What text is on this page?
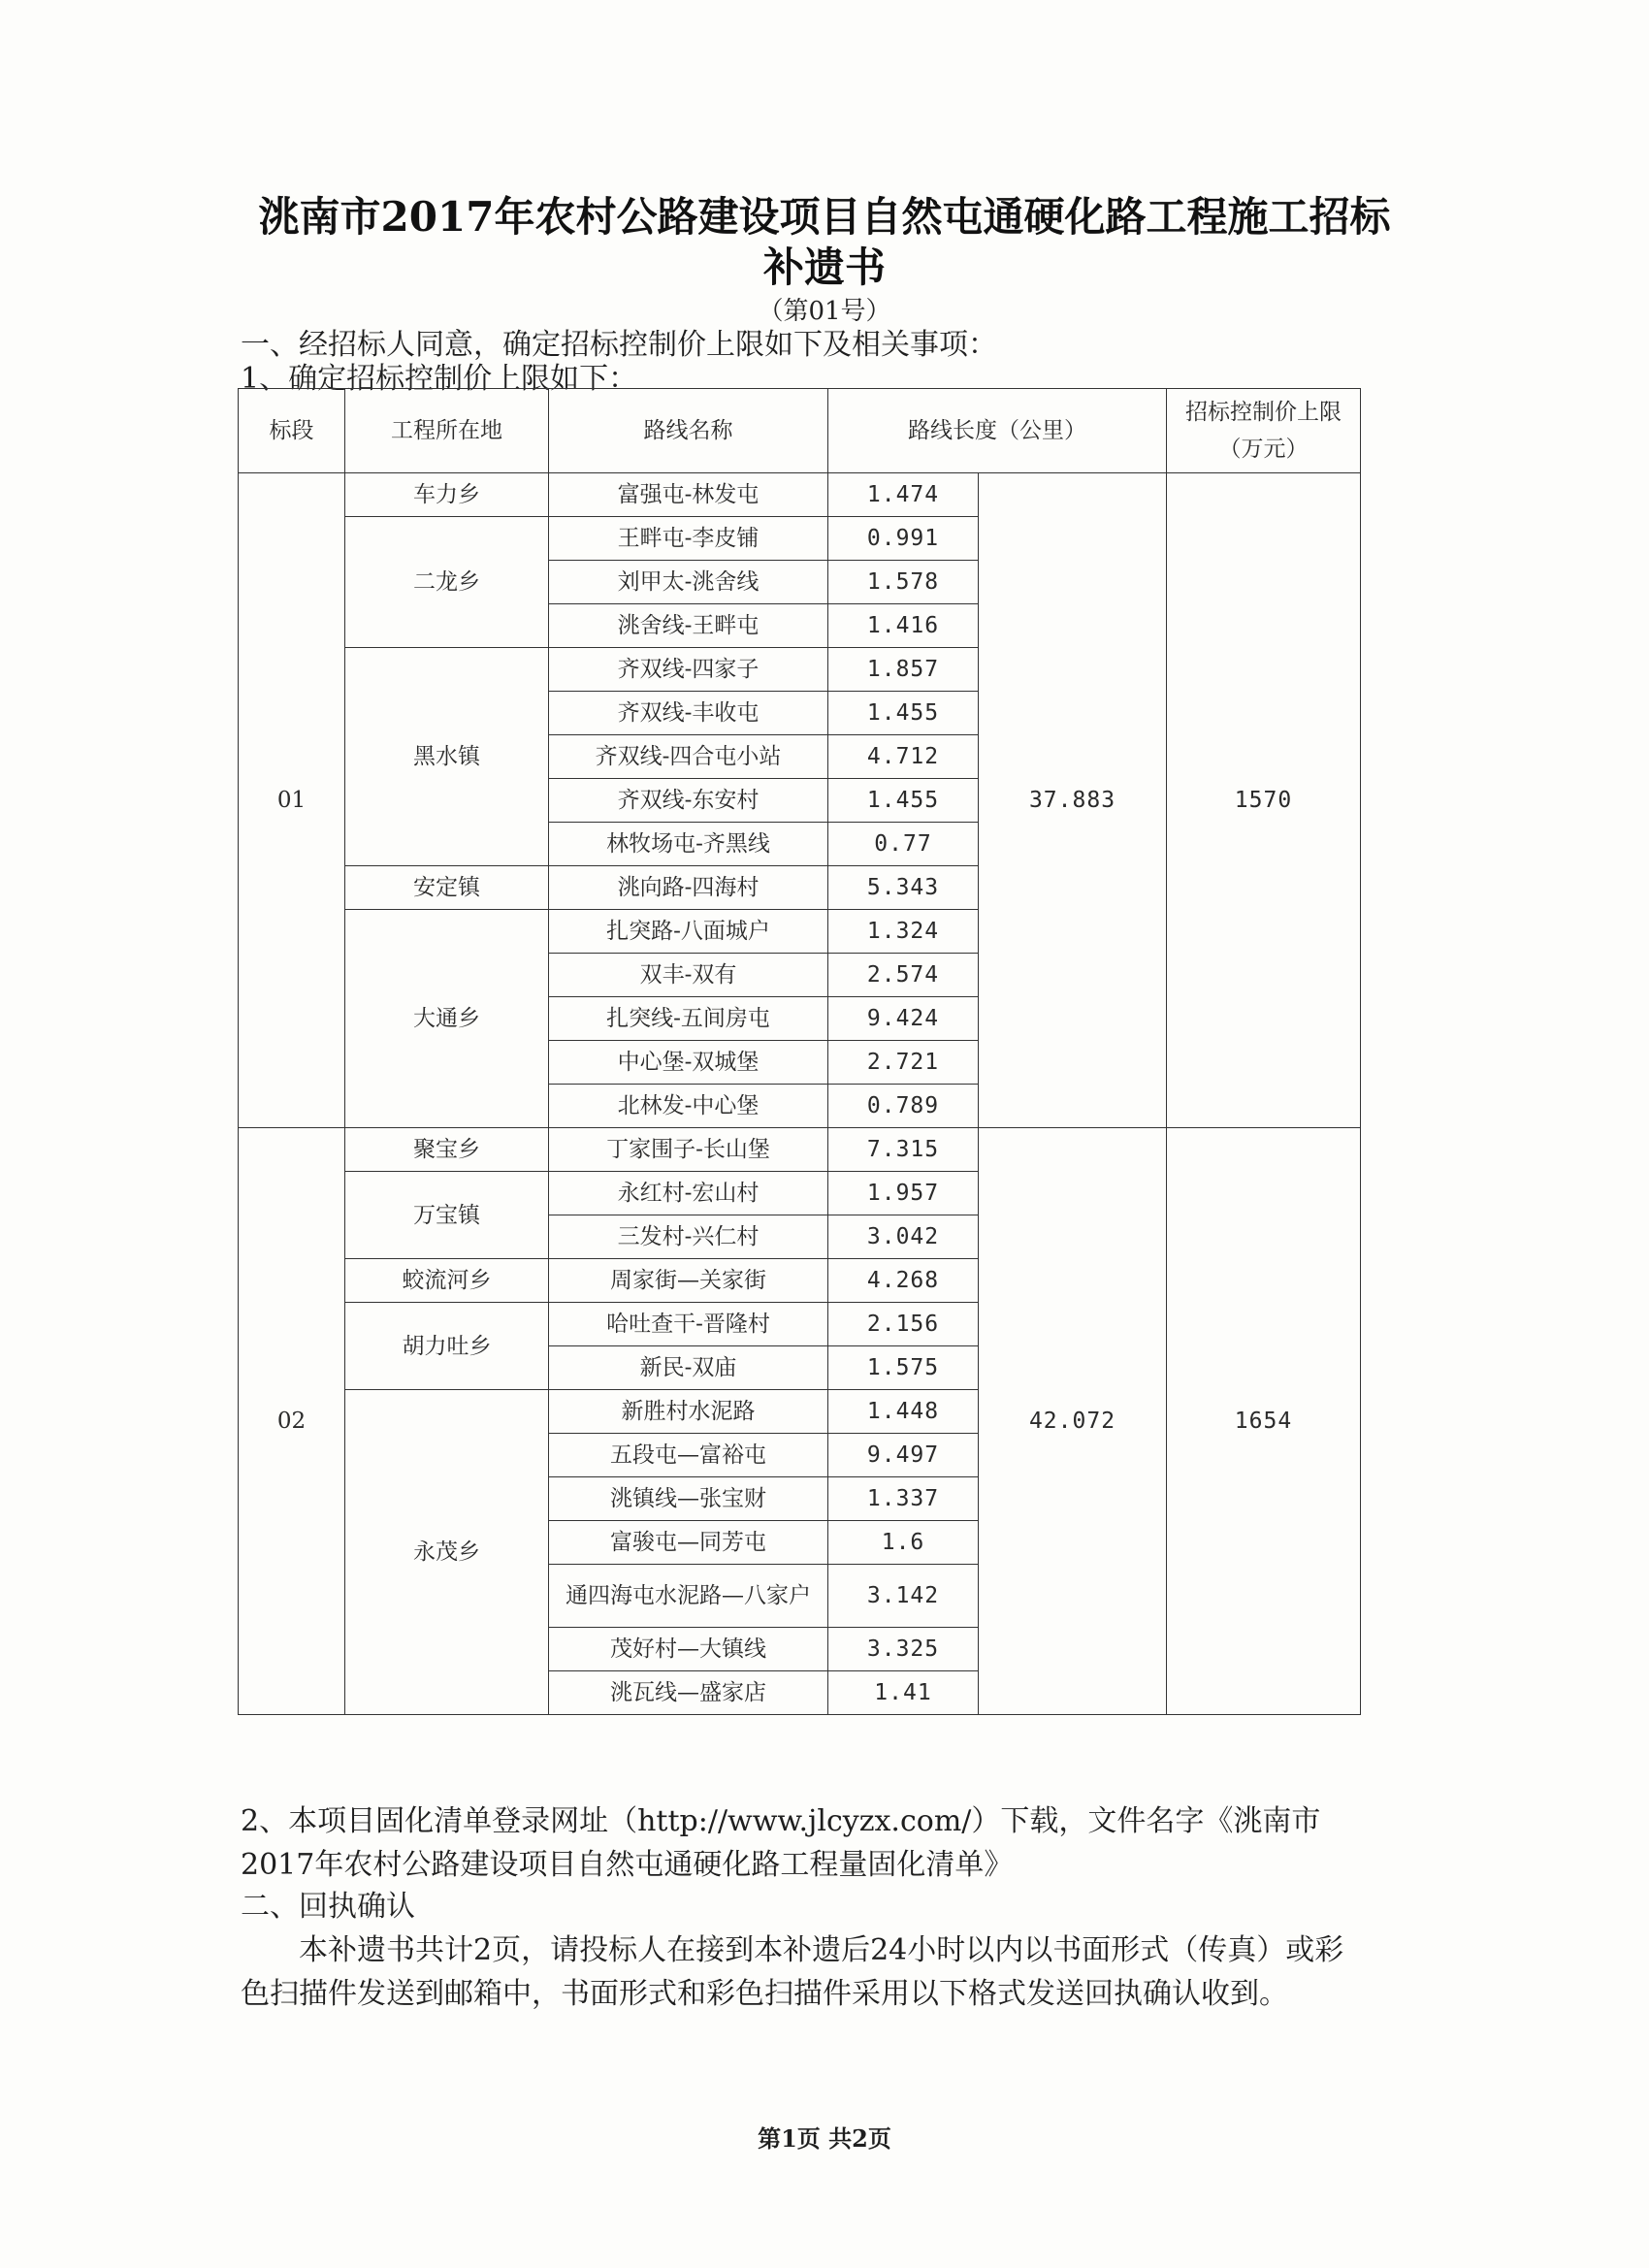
洮南市2017年农村公路建设项目自然屯通硬化路工程施工招标
补遗书
（第01号）
一、经招标人同意，确定招标控制价上限如下及相关事项：
1、确定招标控制价上限如下：
标段	工程所在地	路线名称	路线长度（公里）		招标控制价上限（万元）
01	车力乡	富强屯-林发屯	1.474	37.883	1570
	二龙乡	王畔屯-李皮铺	0.991		
		刘甲太-洮舍线	1.578		
		洮舍线-王畔屯	1.416		
	黑水镇	齐双线-四家子	1.857		
		齐双线-丰收屯	1.455		
		齐双线-四合屯小站	4.712		
		齐双线-东安村	1.455		
		林牧场屯-齐黑线	0.77		
	安定镇	洮向路-四海村	5.343		
	大通乡	扎突路-八面城户	1.324		
		双丰-双有	2.574		
		扎突线-五间房屯	9.424		
		中心堡-双城堡	2.721		
		北林发-中心堡	0.789		
02	聚宝乡	丁家围子-长山堡	7.315	42.072	1654
	万宝镇	永红村-宏山村	1.957		
		三发村-兴仁村	3.042		
	蛟流河乡	周家街—关家街	4.268		
	胡力吐乡	哈吐查干-晋隆村	2.156		
		新民-双庙	1.575		
	永茂乡	新胜村水泥路	1.448		
		五段屯—富裕屯	9.497		
		洮镇线—张宝财	1.337		
		富骏屯—同芳屯	1.6		
		通四海屯水泥路—八家户	3.142		
		茂好村—大镇线	3.325		
		洮瓦线—盛家店	1.41		
2、本项目固化清单登录网址（http://www.jlcyzx.com/）下载，文件名字《洮南市2017年农村公路建设项目自然屯通硬化路工程量固化清单》
二、回执确认
本补遗书共计2页，请投标人在接到本补遗后24小时以内以书面形式（传真）或彩色扫描件发送到邮箱中，书面形式和彩色扫描件采用以下格式发送回执确认收到。
第1页 共2页
